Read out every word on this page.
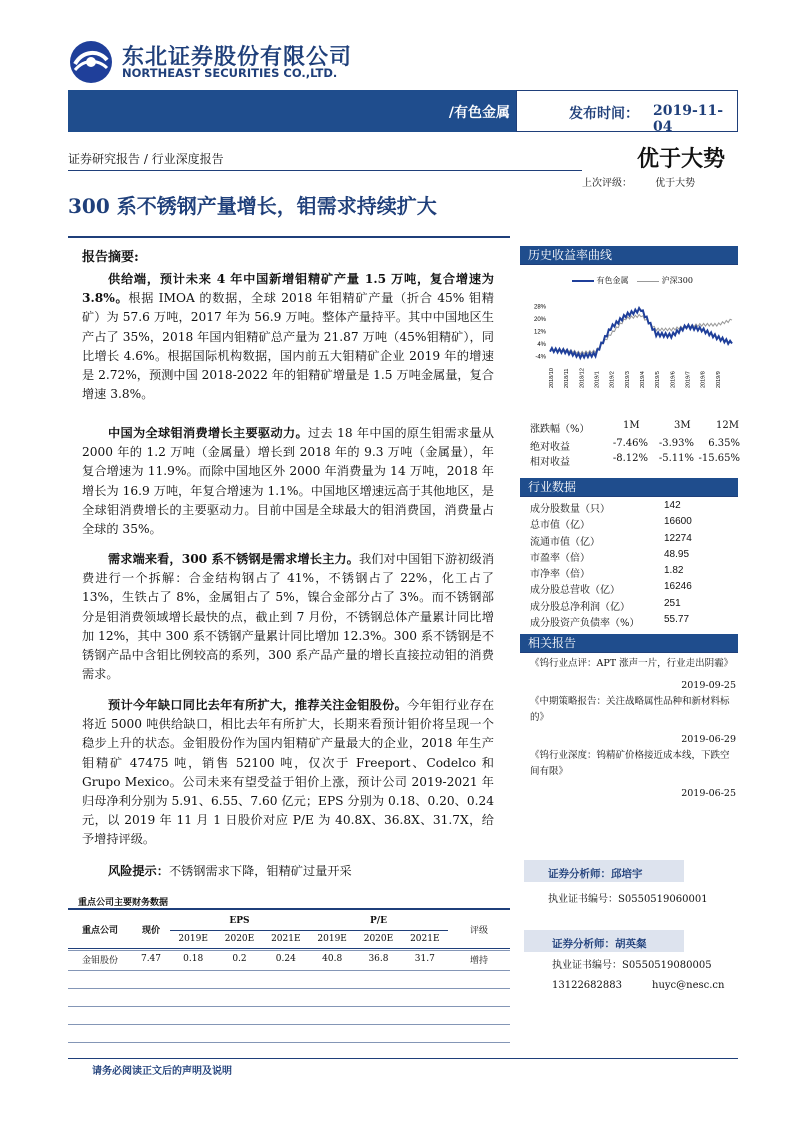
东北证券股份有限公司
NORTHEAST SECURITIES CO.,LTD.
/有色金属	发布时间： 2019-11-04
证券研究报告 / 行业深度报告	优于大势
上次评级： 优于大势
300 系不锈钢产量增长，钼需求持续扩大
报告摘要:
供给端，预计未来 4 年中国新增钼精矿产量 1.5 万吨，复合增速为 3.8%。根据 IMOA 的数据，全球 2018 年钼精矿产量（折合 45% 钼精矿）为 57.6 万吨，2017 年为 56.9 万吨。整体产量持平。其中中国地区生产占了 35%，2018 年国内钼精矿总产量为 21.87 万吨（45%钼精矿），同比增长 4.6%。根据国际机构数据，国内前五大钼精矿企业 2019 年的增速是 2.72%，预测中国 2018-2022 年的钼精矿增量是 1.5 万吨金属量，复合增速 3.8%。
中国为全球钼消费增长主要驱动力。过去 18 年中国的原生钼需求量从 2000 年的 1.2 万吨（金属量）增长到 2018 年的 9.3 万吨（金属量），年复合增速为 11.9%。而除中国地区外 2000 年消费量为 14 万吨，2018 年增长为 16.9 万吨，年复合增速为 1.1%。中国地区增速远高于其他地区，是全球钼消费增长的主要驱动力。目前中国是全球最大的钼消费国，消费量占全球的 35%。
需求端来看，300 系不锈钢是需求增长主力。我们对中国钼下游初级消费进行一个拆解：合金结构钢占了 41%，不锈钢占了 22%，化工占了 13%，生铁占了 8%，金属钼占了 5%，镍合金部分占了 3%。而不锈钢部分是钼消费领域增长最快的点，截止到 7 月份，不锈钢总体产量累计同比增加 12%，其中 300 系不锈钢产量累计同比增加 12.3%。300 系不锈钢是不锈钢产品中含钼比例较高的系列，300 系产品产量的增长直接拉动钼的消费需求。
预计今年缺口同比去年有所扩大，推荐关注金钼股份。今年钼行业存在将近 5000 吨供给缺口，相比去年有所扩大，长期来看预计钼价将呈现一个稳步上升的状态。金钼股份作为国内钼精矿产量最大的企业，2018 年生产钼精矿 47475 吨，销售 52100 吨，仅次于 Freeport、Codelco 和 Grupo Mexico。公司未来有望受益于钼价上涨，预计公司 2019-2021 年归母净利分别为 5.91、6.55、7.60 亿元；EPS 分别为 0.18、0.20、0.24 元，以 2019 年 11 月 1 日股价对应 P/E 为 40.8X、36.8X、31.7X，给予增持评级。
风险提示：不锈钢需求下降，钼精矿过量开采
重点公司主要财务数据
重点公司	现价	EPS			P/E			评级
		2019E	2020E	2021E	2019E	2020E	2021E	
金钼股份	7.47	0.18	0.2	0.24	40.8	36.8	31.7	增持
历史收益率曲线
有色金属	沪深300
28%
20%
12%
4%
-4%
2018/10 2018/11 2018/12 2019/1 2019/2 2019/3 2019/4 2019/5 2019/6 2019/7 2019/8 2019/9
涨跌幅（%）	1M	3M	12M
绝对收益	-7.46% -3.93% 6.35%
相对收益	-8.12% -5.11% -15.65%
行业数据
成分股数量（只）	142
总市值（亿）	16600
流通市值（亿）	12274
市盈率（倍）	48.95
市净率（倍）	1.82
成分股总营收（亿）	16246
成分股总净利润（亿）	251
成分股资产负债率（%） 55.77
相关报告
《钨行业点评：APT 涨声一片，行业走出阴霾》
2019-09-25
《中期策略报告：关注战略属性品种和新材料标的》
2019-06-29
《钨行业深度：钨精矿价格接近成本线，下跌空间有限》
2019-06-25
证券分析师：邱培宇
执业证书编号：S0550519060001
证券分析师：胡英粲
执业证书编号：S0550519080005
13122682883	huyc@nesc.cn
请务必阅读正文后的声明及说明
